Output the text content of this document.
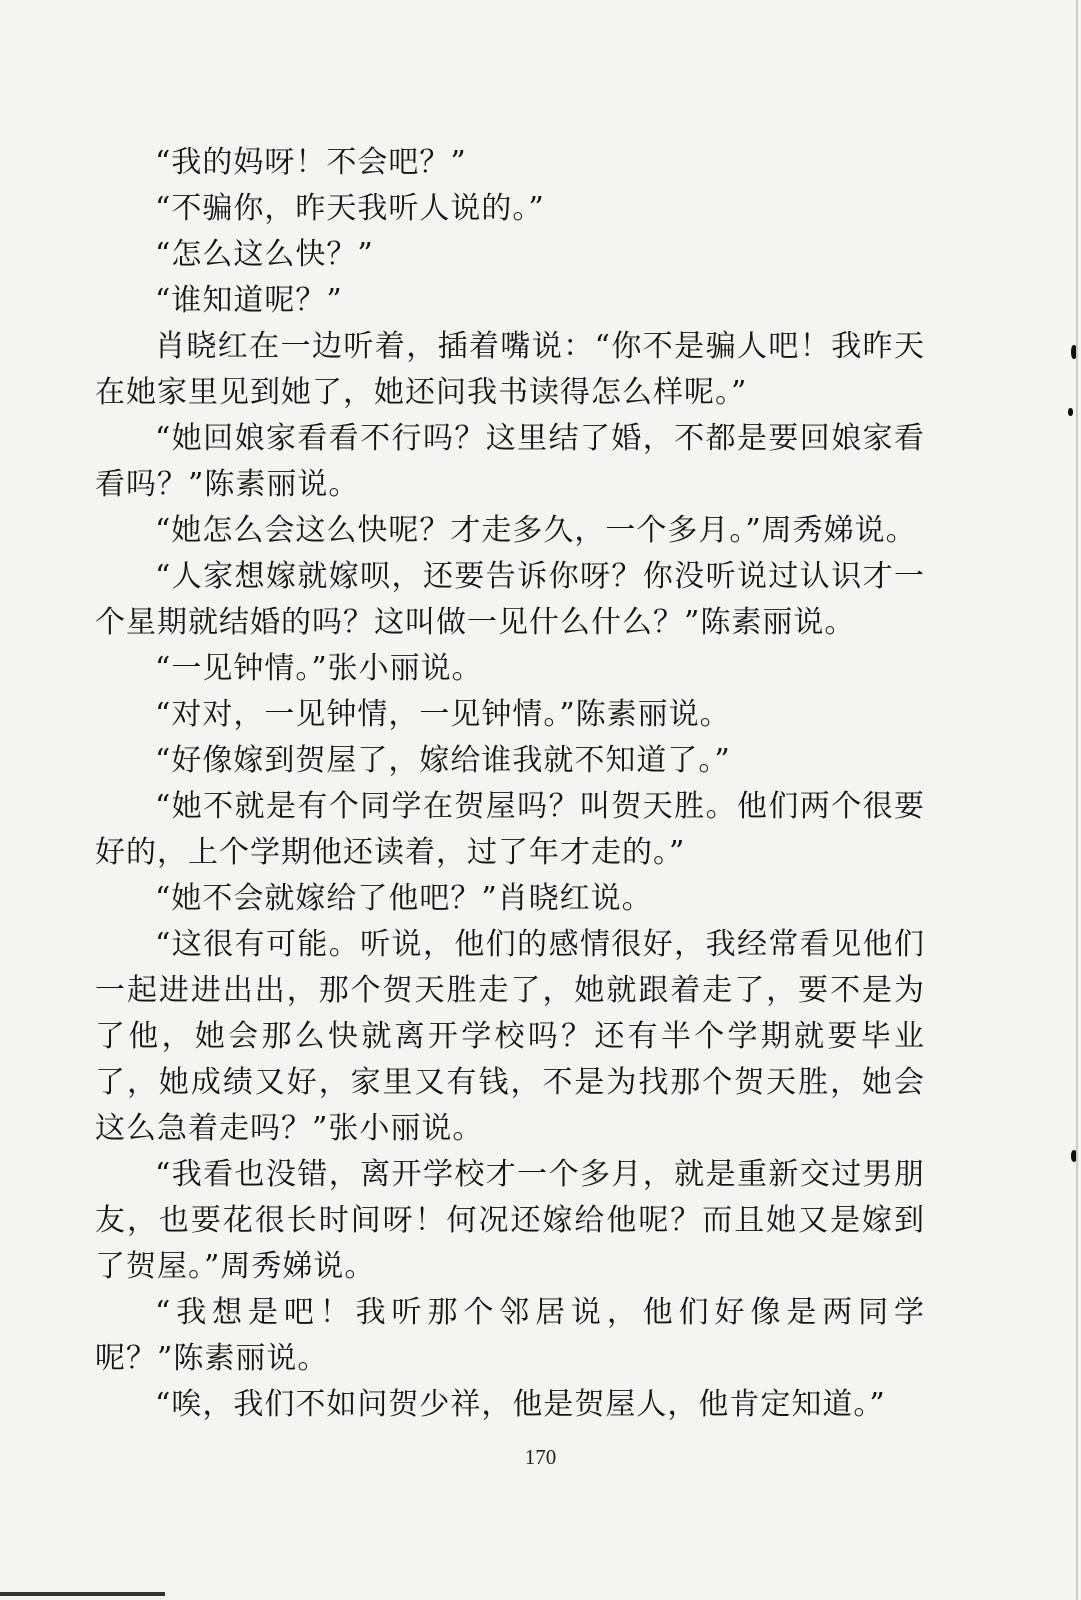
“我的妈呀！不会吧？”

“不骗你，昨天我听人说的。”

“怎么这么快？”

“谁知道呢？”

肖晓红在一边听着，插着嘴说：“你不是骗人吧！我昨天在她家里见到她了，她还问我书读得怎么样呢。”

“她回娘家看看不行吗？这里结了婚，不都是要回娘家看看吗？”陈素丽说。

“她怎么会这么快呢？才走多久，一个多月。”周秀娣说。

“人家想嫁就嫁呗，还要告诉你呀？你没听说过认识才一个星期就结婚的吗？这叫做一见什么什么？”陈素丽说。

“一见钟情。”张小丽说。

“对对，一见钟情，一见钟情。”陈素丽说。

“好像嫁到贺屋了，嫁给谁我就不知道了。”

“她不就是有个同学在贺屋吗？叫贺天胜。他们两个很要好的，上个学期他还读着，过了年才走的。”

“她不会就嫁给了他吧？”肖晓红说。

“这很有可能。听说，他们的感情很好，我经常看见他们一起进进出出，那个贺天胜走了，她就跟着走了，要不是为了他，她会那么快就离开学校吗？还有半个学期就要毕业了，她成绩又好，家里又有钱，不是为找那个贺天胜，她会这么急着走吗？”张小丽说。

“我看也没错，离开学校才一个多月，就是重新交过男朋友，也要花很长时间呀！何况还嫁给他呢？而且她又是嫁到了贺屋。”周秀娣说。

“我想是吧！我听那个邻居说，他们好像是两同学呢？”陈素丽说。

“唉，我们不如问贺少祥，他是贺屋人，他肯定知道。”

170
